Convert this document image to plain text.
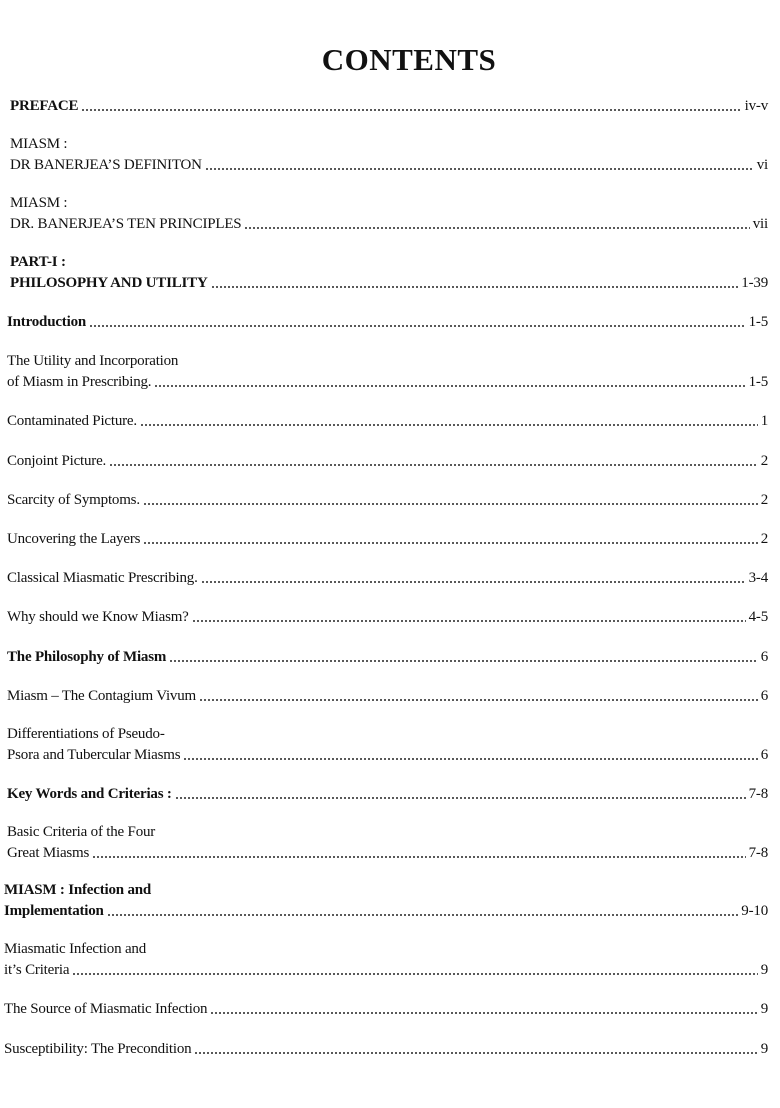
CONTENTS
PREFACE	iv-v
MIASM :
DR BANERJEA’S DEFINITON	vi
MIASM :
DR. BANERJEA’S TEN PRINCIPLES	vii
PART-I :
PHILOSOPHY AND UTILITY	1-39
Introduction	1-5
The Utility and Incorporation
of Miasm in Prescribing.	1-5
Contaminated Picture.	1
Conjoint Picture.	2
Scarcity of Symptoms.	2
Uncovering the Layers	2
Classical Miasmatic Prescribing.	3-4
Why should we Know Miasm?	4-5
The Philosophy of Miasm	6
Miasm – The Contagium Vivum	6
Differentiations of Pseudo-
Psora and Tubercular Miasms	6
Key Words and Criterias :	7-8
Basic Criteria of the Four
Great Miasms	7-8
MIASM : Infection and
Implementation	9-10
Miasmatic Infection and
it’s Criteria	9
The Source of Miasmatic Infection	9
Susceptibility: The Precondition	9
